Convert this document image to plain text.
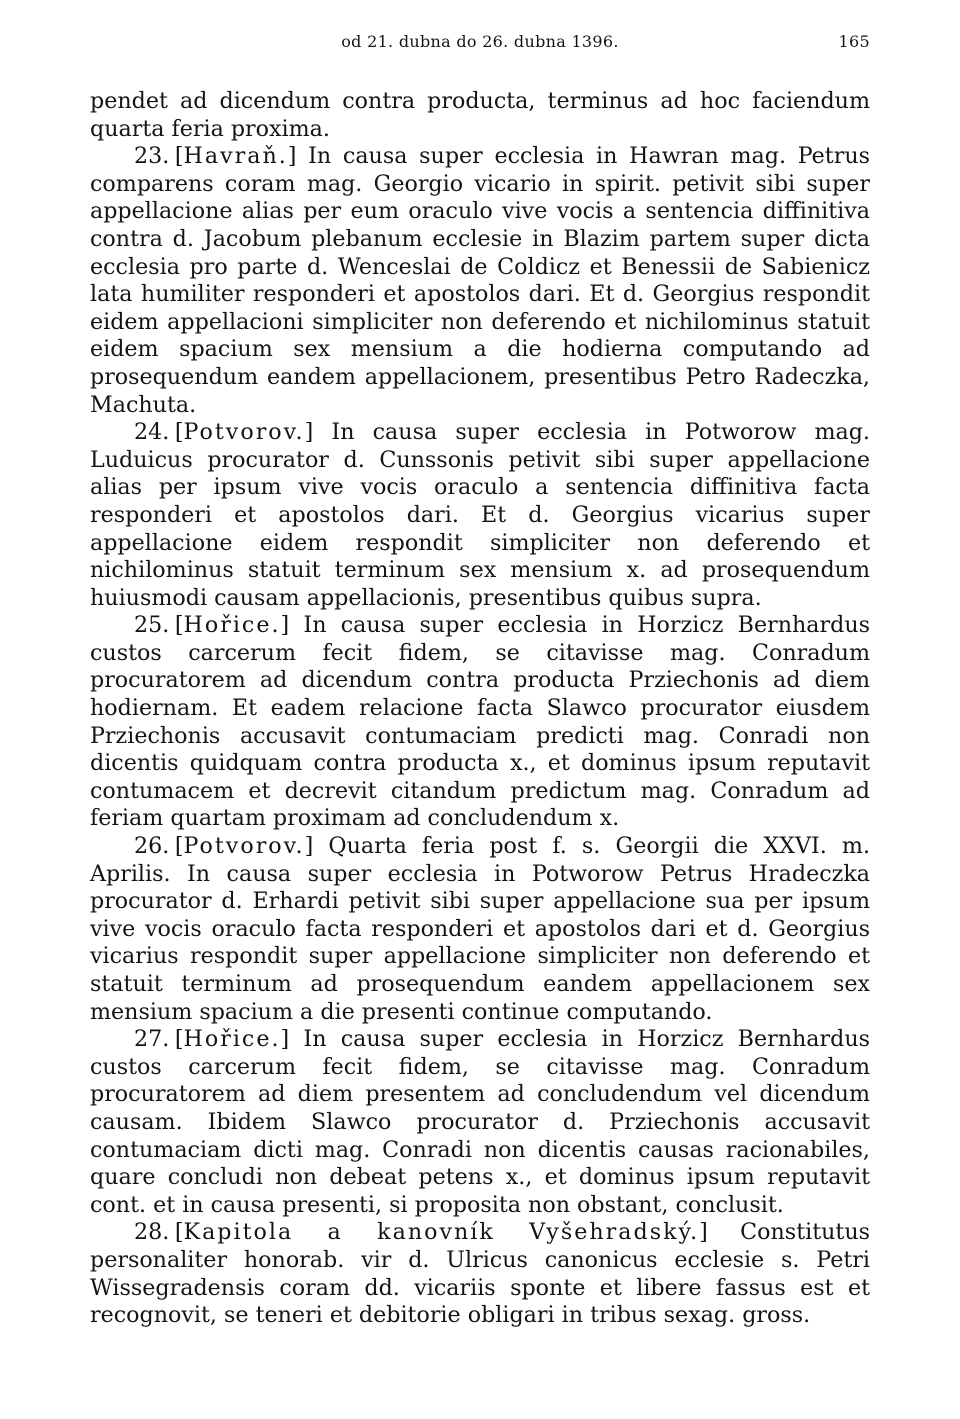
od 21. dubna do 26. dubna 1396.	165

pendet ad dicendum contra producta, terminus ad hoc faciendum quarta feria proxima.

23. [Havraň.] In causa super ecclesia in Hawran mag. Petrus comparens coram mag. Georgio vicario in spirit. petivit sibi super appellacione alias per eum oraculo vive vocis a sentencia diffinitiva contra d. Jacobum plebanum ecclesie in Blazim partem super dicta ecclesia pro parte d. Wenceslai de Coldicz et Benessii de Sabienicz lata humiliter responderi et apostolos dari. Et d. Georgius respondit eidem appellacioni simpliciter non deferendo et nichilominus statuit eidem spacium sex mensium a die hodierna computando ad prosequendum eandem appellacionem, presentibus Petro Radeczka, Machuta.

24. [Potvorov.] In causa super ecclesia in Potworow mag. Luduicus procurator d. Cunssonis petivit sibi super appellacione alias per ipsum vive vocis oraculo a sentencia diffinitiva facta responderi et apostolos dari. Et d. Georgius vicarius super appellacione eidem respondit simpliciter non deferendo et nichilominus statuit terminum sex mensium x. ad prosequendum huiusmodi causam appellacionis, presentibus quibus supra.

25. [Hořice.] In causa super ecclesia in Horzicz Bernhardus custos carcerum fecit fidem, se citavisse mag. Conradum procuratorem ad dicendum contra producta Prziechonis ad diem hodiernam. Et eadem relacione facta Slawco procurator eiusdem Prziechonis accusavit contumaciam predicti mag. Conradi non dicentis quidquam contra producta x., et dominus ipsum reputavit contumacem et decrevit citandum predictum mag. Conradum ad feriam quartam proximam ad concludendum x.

26. [Potvorov.] Quarta feria post f. s. Georgii die XXVI. m. Aprilis. In causa super ecclesia in Potworow Petrus Hradeczka procurator d. Erhardi petivit sibi super appellacione sua per ipsum vive vocis oraculo facta responderi et apostolos dari et d. Georgius vicarius respondit super appellacione simpliciter non deferendo et statuit terminum ad prosequendum eandem appellacionem sex mensium spacium a die presenti continue computando.

27. [Hořice.] In causa super ecclesia in Horzicz Bernhardus custos carcerum fecit fidem, se citavisse mag. Conradum procuratorem ad diem presentem ad concludendum vel dicendum causam. Ibidem Slawco procurator d. Prziechonis accusavit contumaciam dicti mag. Conradi non dicentis causas racionabiles, quare concludi non debeat petens x., et dominus ipsum reputavit cont. et in causa presenti, si proposita non obstant, conclusit.

28. [Kapitola a kanovník Vyšehradský.] Constitutus personaliter honorab. vir d. Ulricus canonicus ecclesie s. Petri Wissegradensis coram dd. vicariis sponte et libere fassus est et recognovit, se teneri et debitorie obligari in tribus sexag. gross.
